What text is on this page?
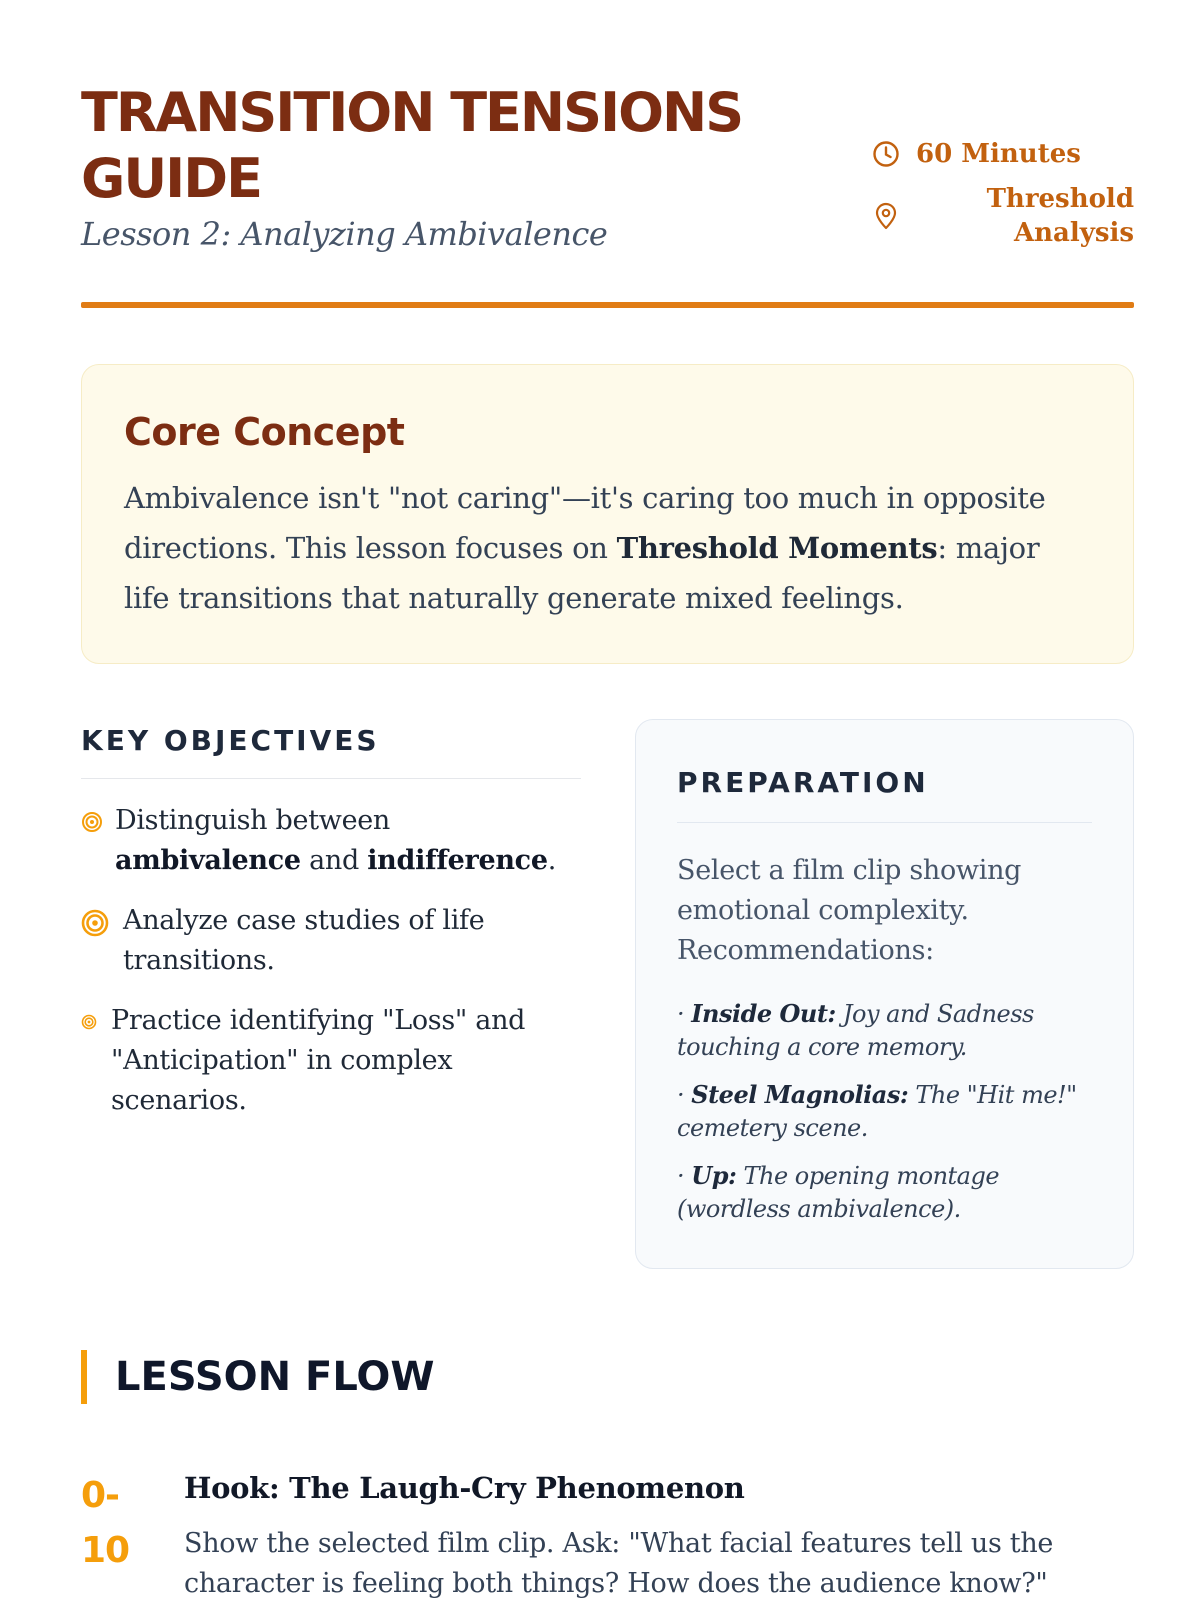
TRANSITION TENSIONS GUIDE
Lesson 2: Analyzing Ambivalence
60 Minutes
Threshold Analysis
Core Concept

Ambivalence isn't "not caring"—it's caring too much in opposite directions. This lesson focuses on Threshold Moments: major life transitions that naturally generate mixed feelings.

KEY OBJECTIVES
Distinguish between ambivalence and indifference.
Analyze case studies of life transitions.
Practice identifying "Loss" and "Anticipation" in complex scenarios.
PREPARATION

Select a film clip showing emotional complexity. Recommendations:

· Inside Out: Joy and Sadness touching a core memory.
· Steel Magnolias: The "Hit me!" cemetery scene.
· Up: The opening montage (wordless ambivalence).
LESSON FLOW
0-10
Hook: The Laugh-Cry Phenomenon
Show the selected film clip. Ask: "What facial features tell us the character is feeling both things? How does the audience know?"
